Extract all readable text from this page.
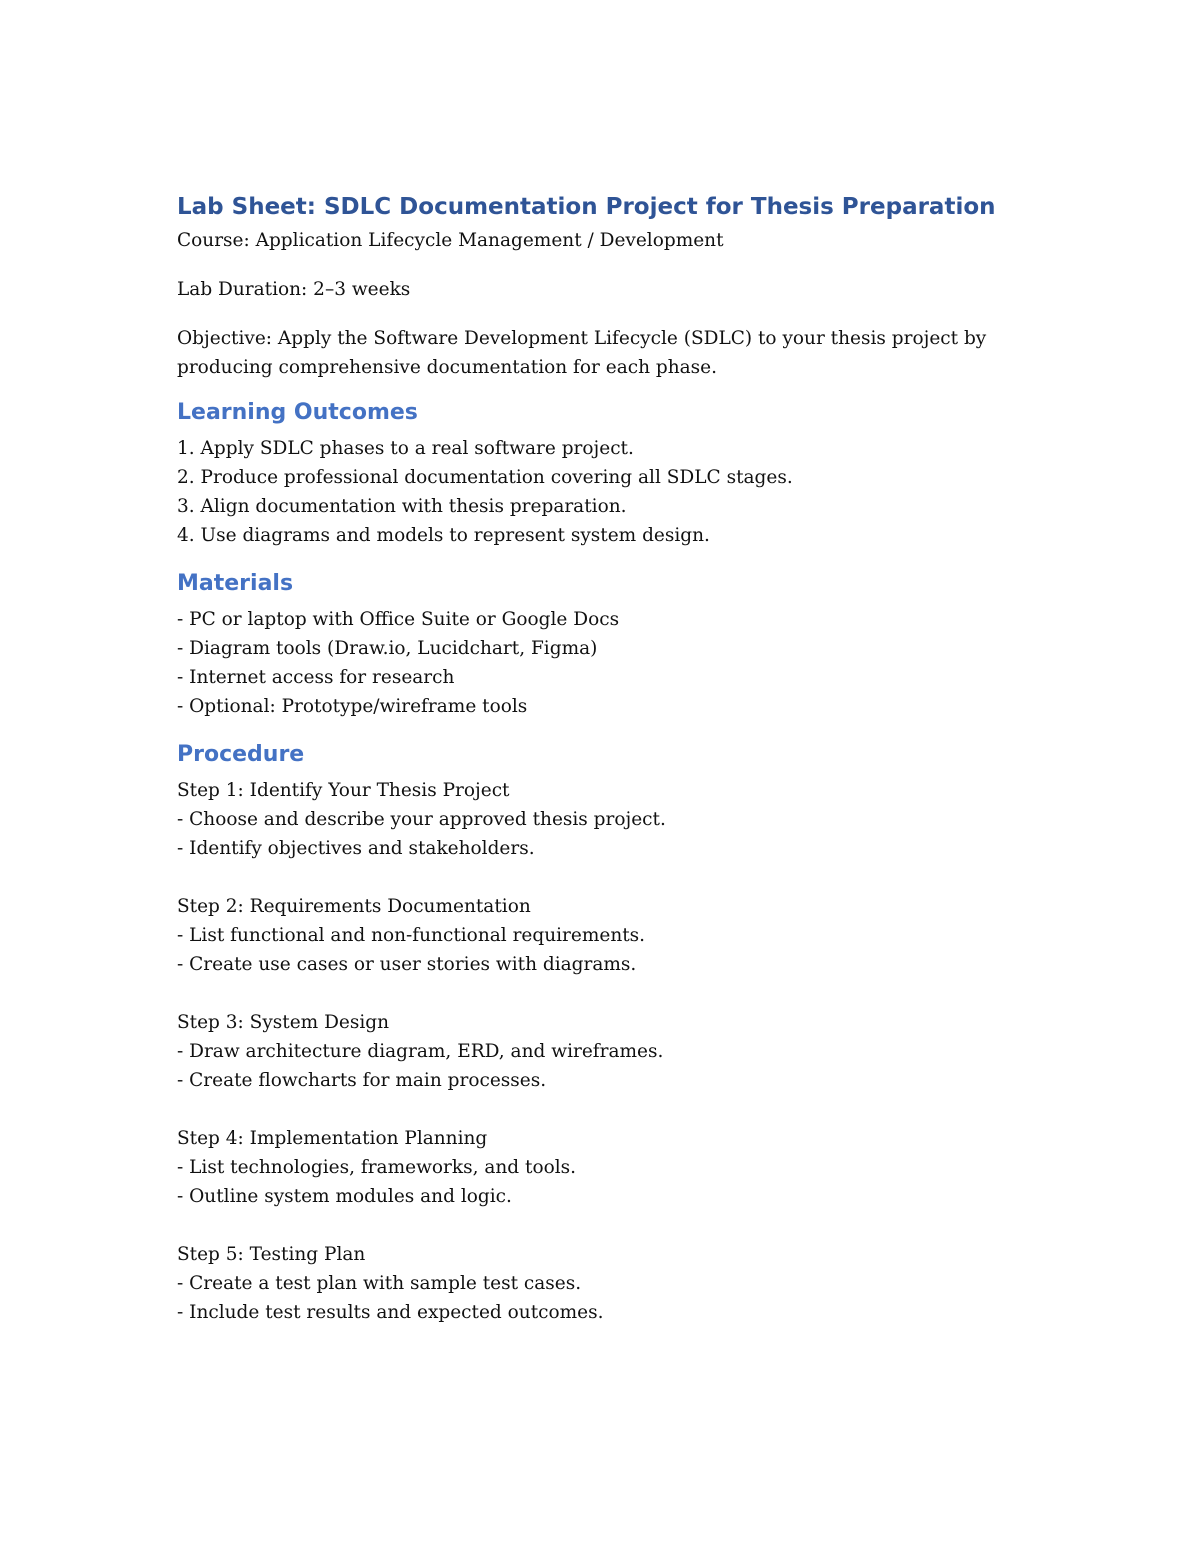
Lab Sheet: SDLC Documentation Project for Thesis Preparation

Course: Application Lifecycle Management / Development

Lab Duration: 2–3 weeks

Objective: Apply the Software Development Lifecycle (SDLC) to your thesis project by producing comprehensive documentation for each phase.

Learning Outcomes
1. Apply SDLC phases to a real software project.
2. Produce professional documentation covering all SDLC stages.
3. Align documentation with thesis preparation.
4. Use diagrams and models to represent system design.
Materials
- PC or laptop with Office Suite or Google Docs
- Diagram tools (Draw.io, Lucidchart, Figma)
- Internet access for research
- Optional: Prototype/wireframe tools
Procedure
Step 1: Identify Your Thesis Project
- Choose and describe your approved thesis project.
- Identify objectives and stakeholders.
Step 2: Requirements Documentation
- List functional and non-functional requirements.
- Create use cases or user stories with diagrams.
Step 3: System Design
- Draw architecture diagram, ERD, and wireframes.
- Create flowcharts for main processes.
Step 4: Implementation Planning
- List technologies, frameworks, and tools.
- Outline system modules and logic.
Step 5: Testing Plan
- Create a test plan with sample test cases.
- Include test results and expected outcomes.
